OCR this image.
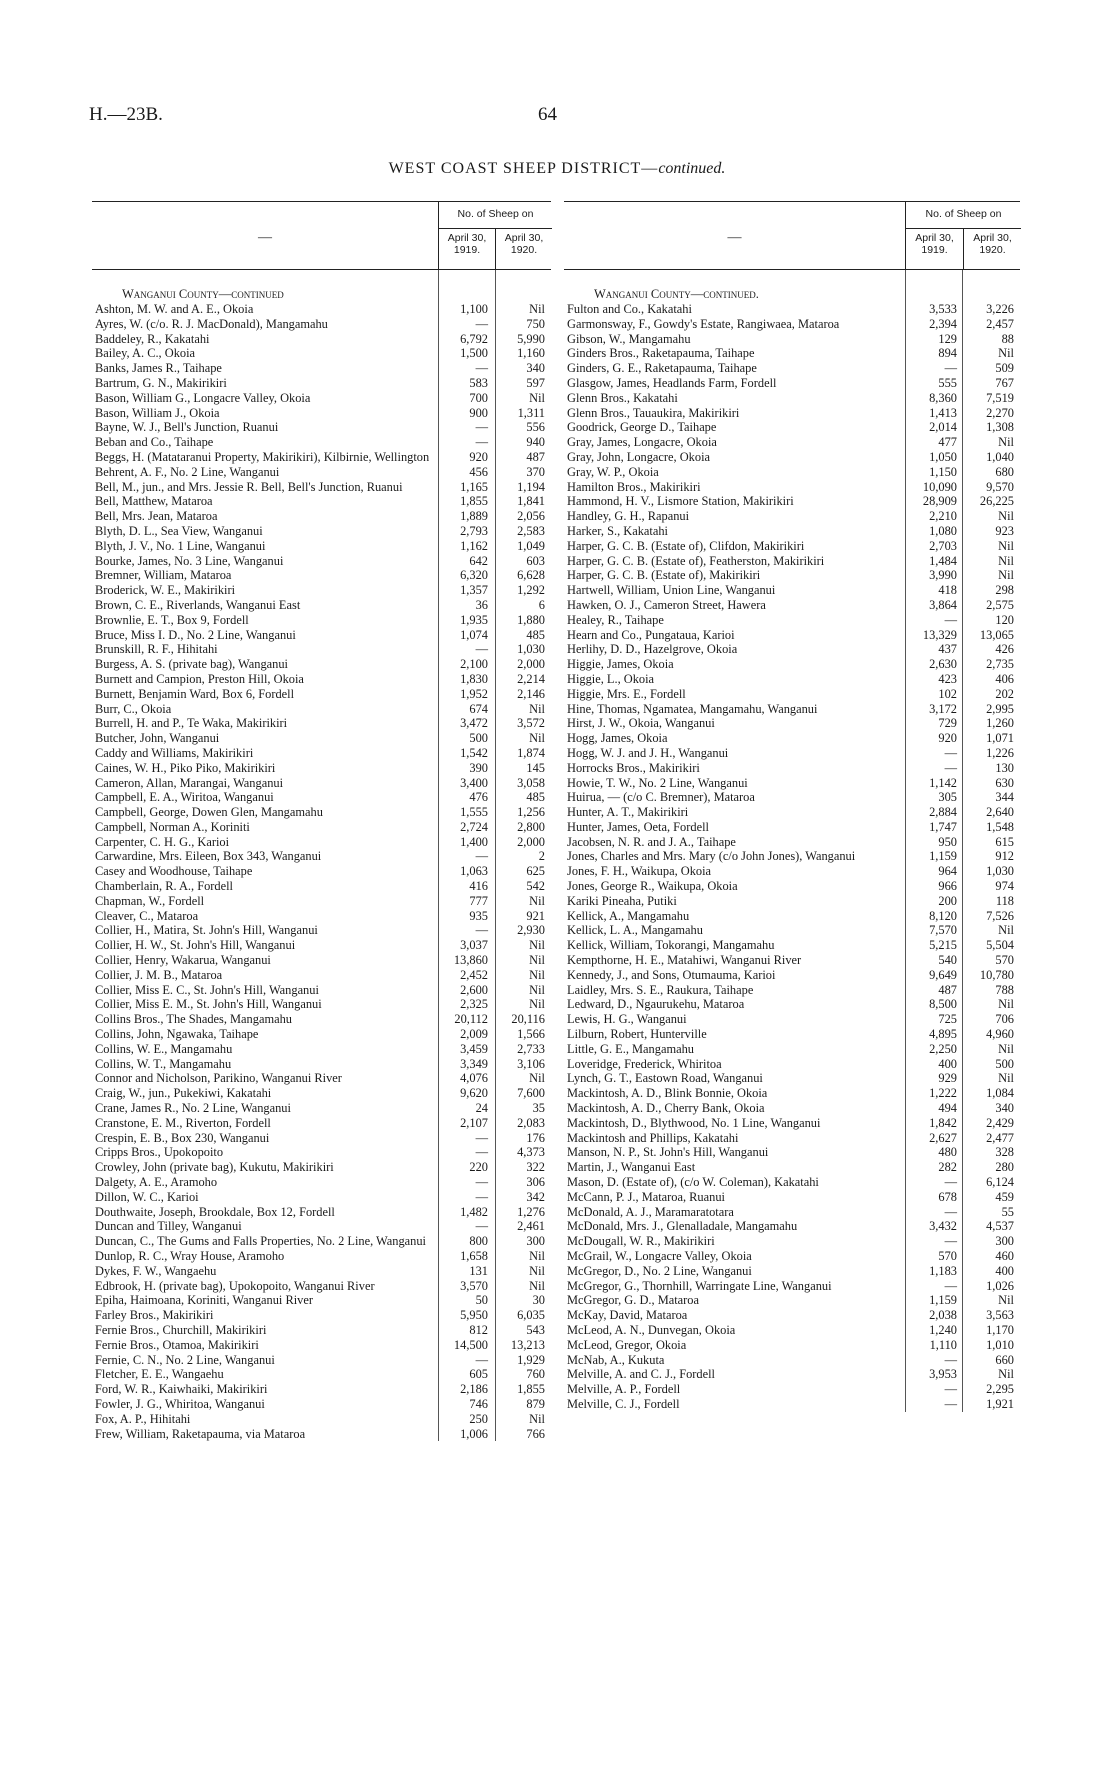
H.—23B.	64
WEST COAST SHEEP DISTRICT—continued.
—
No. of Sheep on
April 30, 1919.
April 30, 1920.
Wanganui County—continued
Ashton, M. W. and A. E., Okoia	1,100	Nil
Ayres, W. (c/o. R. J. MacDonald), Mangamahu	—	750
Baddeley, R., Kakatahi	6,792	5,990
Bailey, A. C., Okoia	1,500	1,160
Banks, James R., Taihape	—	340
Bartrum, G. N., Makirikiri	583	597
Bason, William G., Longacre Valley, Okoia	700	Nil
Bason, William J., Okoia	900	1,311
Bayne, W. J., Bell's Junction, Ruanui	—	556
Beban and Co., Taihape	—	940
Beggs, H. (Matataranui Property, Makirikiri), Kilbirnie, Wellington	920	487
Behrent, A. F., No. 2 Line, Wanganui	456	370
Bell, M., jun., and Mrs. Jessie R. Bell, Bell's Junction, Ruanui	1,165	1,194
Bell, Matthew, Mataroa	1,855	1,841
Bell, Mrs. Jean, Mataroa	1,889	2,056
Blyth, D. L., Sea View, Wanganui	2,793	2,583
Blyth, J. V., No. 1 Line, Wanganui	1,162	1,049
Bourke, James, No. 3 Line, Wanganui	642	603
Bremner, William, Mataroa	6,320	6,628
Broderick, W. E., Makirikiri	1,357	1,292
Brown, C. E., Riverlands, Wanganui East	36	6
Brownlie, E. T., Box 9, Fordell	1,935	1,880
Bruce, Miss I. D., No. 2 Line, Wanganui	1,074	485
Brunskill, R. F., Hihitahi	—	1,030
Burgess, A. S. (private bag), Wanganui	2,100	2,000
Burnett and Campion, Preston Hill, Okoia	1,830	2,214
Burnett, Benjamin Ward, Box 6, Fordell	1,952	2,146
Burr, C., Okoia	674	Nil
Burrell, H. and P., Te Waka, Makirikiri	3,472	3,572
Butcher, John, Wanganui	500	Nil
Caddy and Williams, Makirikiri	1,542	1,874
Caines, W. H., Piko Piko, Makirikiri	390	145
Cameron, Allan, Marangai, Wanganui	3,400	3,058
Campbell, E. A., Wiritoa, Wanganui	476	485
Campbell, George, Dowen Glen, Mangamahu	1,555	1,256
Campbell, Norman A., Koriniti	2,724	2,800
Carpenter, C. H. G., Karioi	1,400	2,000
Carwardine, Mrs. Eileen, Box 343, Wanganui	—	2
Casey and Woodhouse, Taihape	1,063	625
Chamberlain, R. A., Fordell	416	542
Chapman, W., Fordell	777	Nil
Cleaver, C., Mataroa	935	921
Collier, H., Matira, St. John's Hill, Wanganui	—	2,930
Collier, H. W., St. John's Hill, Wanganui	3,037	Nil
Collier, Henry, Wakarua, Wanganui	13,860	Nil
Collier, J. M. B., Mataroa	2,452	Nil
Collier, Miss E. C., St. John's Hill, Wanganui	2,600	Nil
Collier, Miss E. M., St. John's Hill, Wanganui	2,325	Nil
Collins Bros., The Shades, Mangamahu	20,112	20,116
Collins, John, Ngawaka, Taihape	2,009	1,566
Collins, W. E., Mangamahu	3,459	2,733
Collins, W. T., Mangamahu	3,349	3,106
Connor and Nicholson, Parikino, Wanganui River	4,076	Nil
Craig, W., jun., Pukekiwi, Kakatahi	9,620	7,600
Crane, James R., No. 2 Line, Wanganui	24	35
Cranstone, E. M., Riverton, Fordell	2,107	2,083
Crespin, E. B., Box 230, Wanganui	—	176
Cripps Bros., Upokopoito	—	4,373
Crowley, John (private bag), Kukutu, Makirikiri	220	322
Dalgety, A. E., Aramoho	—	306
Dillon, W. C., Karioi	—	342
Douthwaite, Joseph, Brookdale, Box 12, Fordell	1,482	1,276
Duncan and Tilley, Wanganui	—	2,461
Duncan, C., The Gums and Falls Properties, No. 2 Line, Wanganui	800	300
Dunlop, R. C., Wray House, Aramoho	1,658	Nil
Dykes, F. W., Wangaehu	131	Nil
Edbrook, H. (private bag), Upokopoito, Wanganui River	3,570	Nil
Epiha, Haimoana, Koriniti, Wanganui River	50	30
Farley Bros., Makirikiri	5,950	6,035
Fernie Bros., Churchill, Makirikiri	812	543
Fernie Bros., Otamoa, Makirikiri	14,500	13,213
Fernie, C. N., No. 2 Line, Wanganui	—	1,929
Fletcher, E. E., Wangaehu	605	760
Ford, W. R., Kaiwhaiki, Makirikiri	2,186	1,855
Fowler, J. G., Whiritoa, Wanganui	746	879
Fox, A. P., Hihitahi	250	Nil
Frew, William, Raketapauma, via Mataroa	1,006	766
—
No. of Sheep on
April 30, 1919.
April 30, 1920.
Wanganui County—continued.
Fulton and Co., Kakatahi	3,533	3,226
Garmonsway, F., Gowdy's Estate, Rangiwaea, Mataroa	2,394	2,457
Gibson, W., Mangamahu	129	88
Ginders Bros., Raketapauma, Taihape	894	Nil
Ginders, G. E., Raketapauma, Taihape	—	509
Glasgow, James, Headlands Farm, Fordell	555	767
Glenn Bros., Kakatahi	8,360	7,519
Glenn Bros., Tauaukira, Makirikiri	1,413	2,270
Goodrick, George D., Taihape	2,014	1,308
Gray, James, Longacre, Okoia	477	Nil
Gray, John, Longacre, Okoia	1,050	1,040
Gray, W. P., Okoia	1,150	680
Hamilton Bros., Makirikiri	10,090	9,570
Hammond, H. V., Lismore Station, Makirikiri	28,909	26,225
Handley, G. H., Rapanui	2,210	Nil
Harker, S., Kakatahi	1,080	923
Harper, G. C. B. (Estate of), Clifdon, Makirikiri	2,703	Nil
Harper, G. C. B. (Estate of), Featherston, Makirikiri	1,484	Nil
Harper, G. C. B. (Estate of), Makirikiri	3,990	Nil
Hartwell, William, Union Line, Wanganui	418	298
Hawken, O. J., Cameron Street, Hawera	3,864	2,575
Healey, R., Taihape	—	120
Hearn and Co., Pungataua, Karioi	13,329	13,065
Herlihy, D. D., Hazelgrove, Okoia	437	426
Higgie, James, Okoia	2,630	2,735
Higgie, L., Okoia	423	406
Higgie, Mrs. E., Fordell	102	202
Hine, Thomas, Ngamatea, Mangamahu, Wanganui	3,172	2,995
Hirst, J. W., Okoia, Wanganui	729	1,260
Hogg, James, Okoia	920	1,071
Hogg, W. J. and J. H., Wanganui	—	1,226
Horrocks Bros., Makirikiri	—	130
Howie, T. W., No. 2 Line, Wanganui	1,142	630
Huirua, — (c/o C. Bremner), Mataroa	305	344
Hunter, A. T., Makirikiri	2,884	2,640
Hunter, James, Oeta, Fordell	1,747	1,548
Jacobsen, N. R. and J. A., Taihape	950	615
Jones, Charles and Mrs. Mary (c/o John Jones), Wanganui	1,159	912
Jones, F. H., Waikupa, Okoia	964	1,030
Jones, George R., Waikupa, Okoia	966	974
Kariki Pineaha, Putiki	200	118
Kellick, A., Mangamahu	8,120	7,526
Kellick, L. A., Mangamahu	7,570	Nil
Kellick, William, Tokorangi, Mangamahu	5,215	5,504
Kempthorne, H. E., Matahiwi, Wanganui River	540	570
Kennedy, J., and Sons, Otumauma, Karioi	9,649	10,780
Laidley, Mrs. S. E., Raukura, Taihape	487	788
Ledward, D., Ngaurukehu, Mataroa	8,500	Nil
Lewis, H. G., Wanganui	725	706
Lilburn, Robert, Hunterville	4,895	4,960
Little, G. E., Mangamahu	2,250	Nil
Loveridge, Frederick, Whiritoa	400	500
Lynch, G. T., Eastown Road, Wanganui	929	Nil
Mackintosh, A. D., Blink Bonnie, Okoia	1,222	1,084
Mackintosh, A. D., Cherry Bank, Okoia	494	340
Mackintosh, D., Blythwood, No. 1 Line, Wanganui	1,842	2,429
Mackintosh and Phillips, Kakatahi	2,627	2,477
Manson, N. P., St. John's Hill, Wanganui	480	328
Martin, J., Wanganui East	282	280
Mason, D. (Estate of), (c/o W. Coleman), Kakatahi	—	6,124
McCann, P. J., Mataroa, Ruanui	678	459
McDonald, A. J., Maramaratotara	—	55
McDonald, Mrs. J., Glenalladale, Mangamahu	3,432	4,537
McDougall, W. R., Makirikiri	—	300
McGrail, W., Longacre Valley, Okoia	570	460
McGregor, D., No. 2 Line, Wanganui	1,183	400
McGregor, G., Thornhill, Warringate Line, Wanganui	—	1,026
McGregor, G. D., Mataroa	1,159	Nil
McKay, David, Mataroa	2,038	3,563
McLeod, A. N., Dunvegan, Okoia	1,240	1,170
McLeod, Gregor, Okoia	1,110	1,010
McNab, A., Kukuta	—	660
Melville, A. and C. J., Fordell	3,953	Nil
Melville, A. P., Fordell	—	2,295
Melville, C. J., Fordell	—	1,921
